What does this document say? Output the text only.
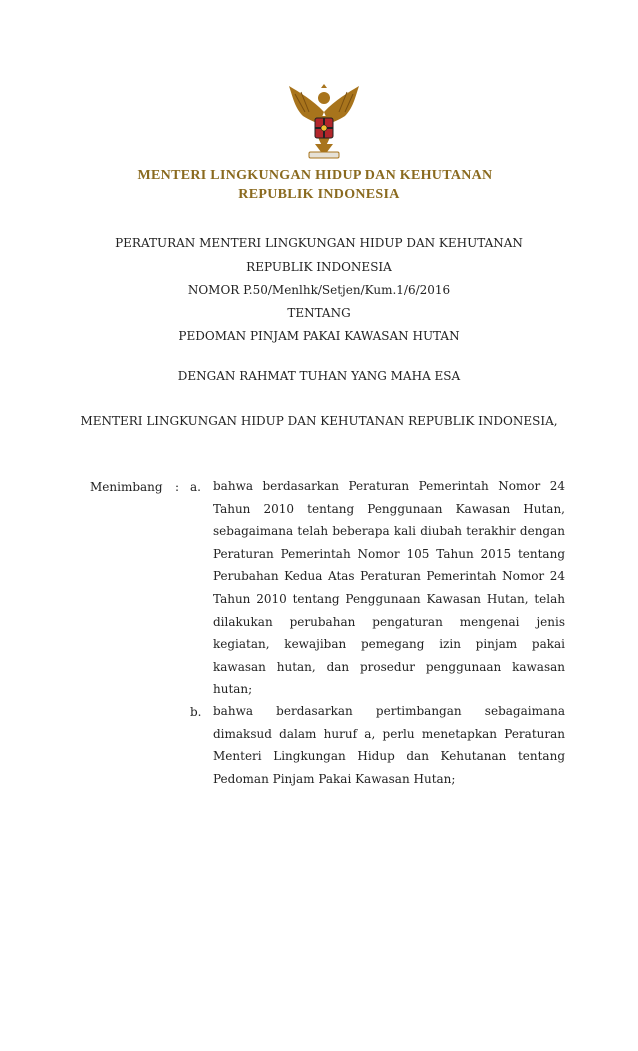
MENTERI LINGKUNGAN HIDUP DAN KEHUTANAN
REPUBLIK INDONESIA
PERATURAN MENTERI LINGKUNGAN HIDUP DAN KEHUTANAN
REPUBLIK INDONESIA
NOMOR P.50/Menlhk/Setjen/Kum.1/6/2016
TENTANG
PEDOMAN PINJAM PAKAI KAWASAN HUTAN
DENGAN RAHMAT TUHAN YANG MAHA ESA
MENTERI LINGKUNGAN HIDUP DAN KEHUTANAN REPUBLIK INDONESIA,
Menimbang : a. bahwa berdasarkan Peraturan Pemerintah Nomor 24 Tahun 2010 tentang Penggunaan Kawasan Hutan, sebagaimana telah beberapa kali diubah terakhir dengan Peraturan Pemerintah Nomor 105 Tahun 2015 tentang Perubahan Kedua Atas Peraturan Pemerintah Nomor 24 Tahun 2010 tentang Penggunaan Kawasan Hutan, telah dilakukan perubahan pengaturan mengenai jenis kegiatan, kewajiban pemegang izin pinjam pakai kawasan hutan, dan prosedur penggunaan kawasan hutan;
b. bahwa berdasarkan pertimbangan sebagaimana dimaksud dalam huruf a, perlu menetapkan Peraturan Menteri Lingkungan Hidup dan Kehutanan tentang Pedoman Pinjam Pakai Kawasan Hutan;
